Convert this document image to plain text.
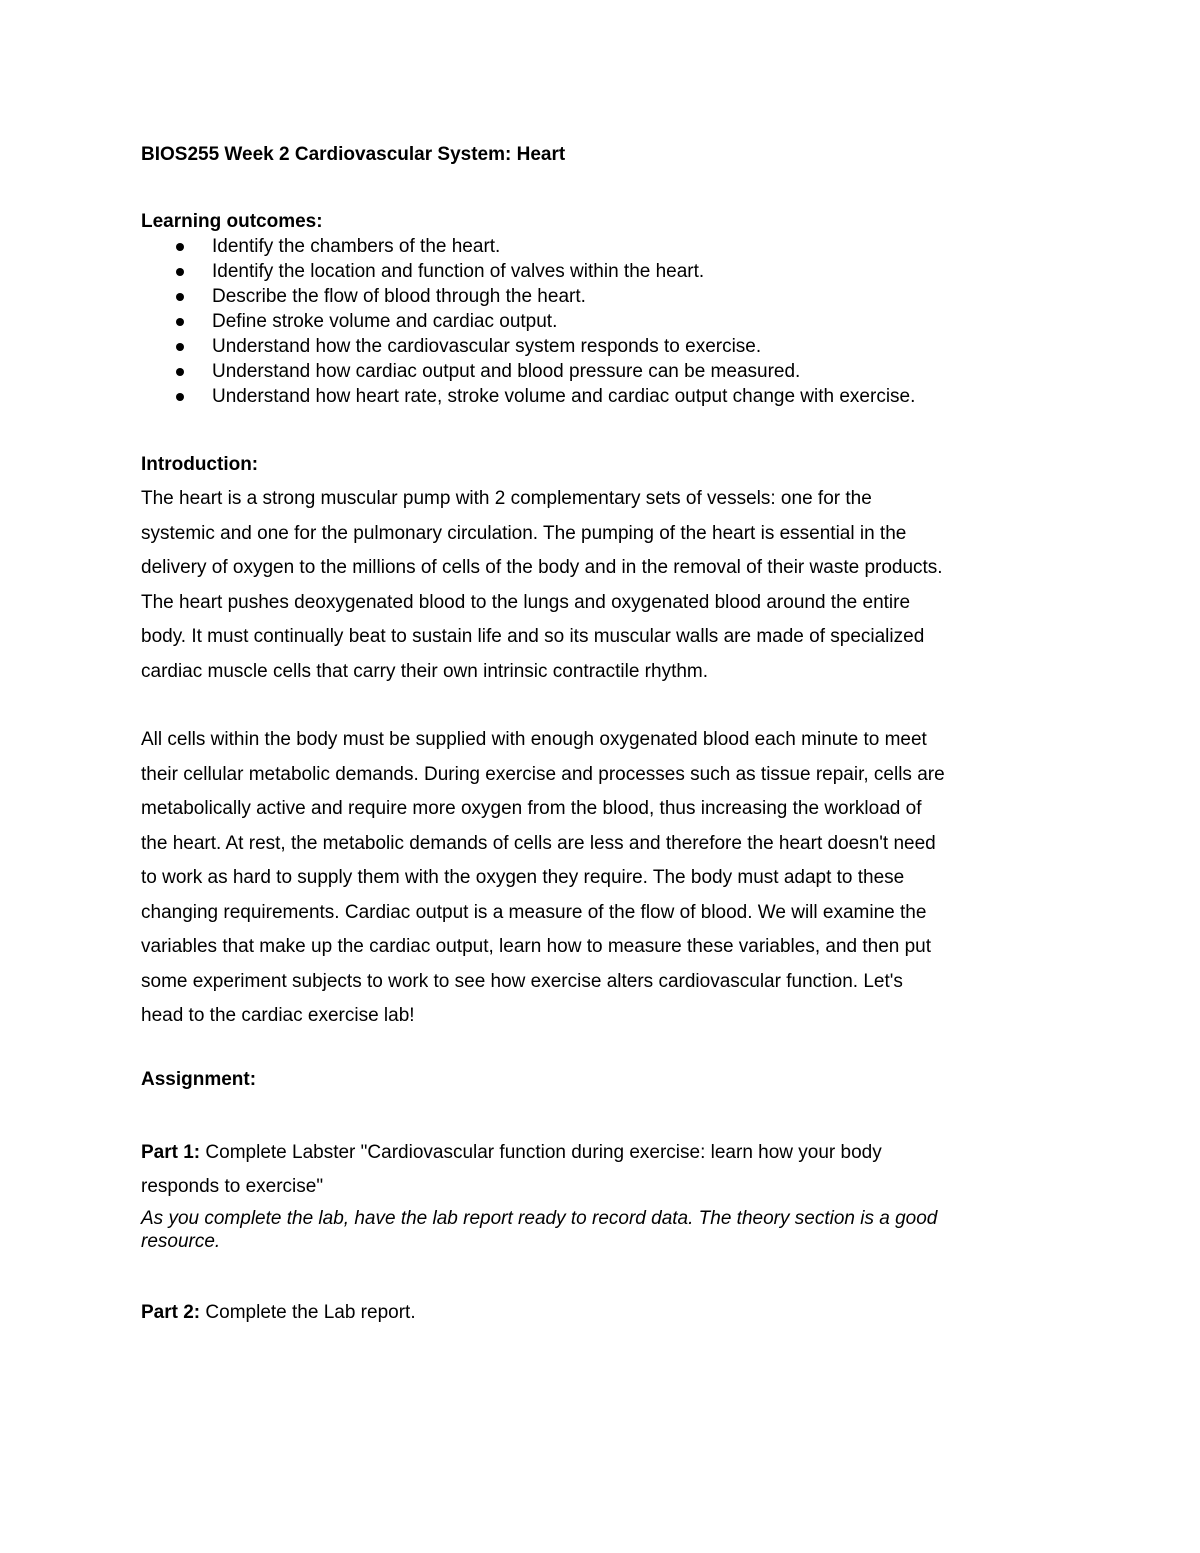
BIOS255 Week 2 Cardiovascular System: Heart
Learning outcomes:
Identify the chambers of the heart.
Identify the location and function of valves within the heart.
Describe the flow of blood through the heart.
Define stroke volume and cardiac output.
Understand how the cardiovascular system responds to exercise.
Understand how cardiac output and blood pressure can be measured.
Understand how heart rate, stroke volume and cardiac output change with exercise.
Introduction:

The heart is a strong muscular pump with 2 complementary sets of vessels: one for the
systemic and one for the pulmonary circulation. The pumping of the heart is essential in the
delivery of oxygen to the millions of cells of the body and in the removal of their waste products.
The heart pushes deoxygenated blood to the lungs and oxygenated blood around the entire
body. It must continually beat to sustain life and so its muscular walls are made of specialized
cardiac muscle cells that carry their own intrinsic contractile rhythm.

All cells within the body must be supplied with enough oxygenated blood each minute to meet
their cellular metabolic demands. During exercise and processes such as tissue repair, cells are
metabolically active and require more oxygen from the blood, thus increasing the workload of
the heart. At rest, the metabolic demands of cells are less and therefore the heart doesn't need
to work as hard to supply them with the oxygen they require. The body must adapt to these
changing requirements. Cardiac output is a measure of the flow of blood. We will examine the
variables that make up the cardiac output, learn how to measure these variables, and then put
some experiment subjects to work to see how exercise alters cardiovascular function. Let's
head to the cardiac exercise lab!

Assignment:
Part 1: Complete Labster "Cardiovascular function during exercise: learn how your body
responds to exercise"
As you complete the lab, have the lab report ready to record data. The theory section is a good
resource.
Part 2: Complete the Lab report.
